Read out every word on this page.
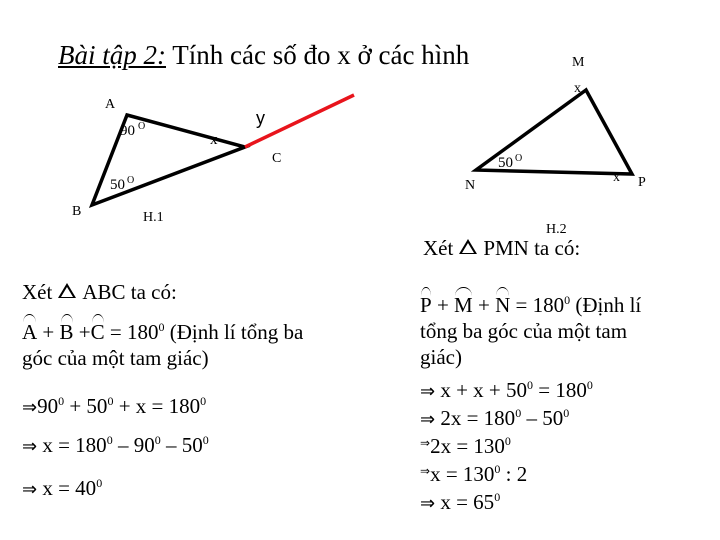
Bài tập 2: Tính các số đo x ở các hình
A
B
C
90 O
50 O
x
y
H.1
M
x
N
50 O
x P
H.2
Xét ABC ta có:
$A + B +C = 180^0$ (Định lí tổng ba
góc của một tam giác)
$\Rightarrow 90^0 + 50^0 + x = 180^0$
⇒ $x = 180^0 - 90^0 - 50^0$
⇒ $x = 40^0$
Xét PMN ta có:
$P + M + N = 180^0$ (Định lí
tổng ba góc của một tam
giác)
⇒ $x + x + 50^0 = 180^0$
⇒ $2x = 180^0 - 50^0$
$^\Rightarrow 2x = 130^0$
$^\Rightarrow x = 130^0$ : 2
⇒ $x = 65^0$
